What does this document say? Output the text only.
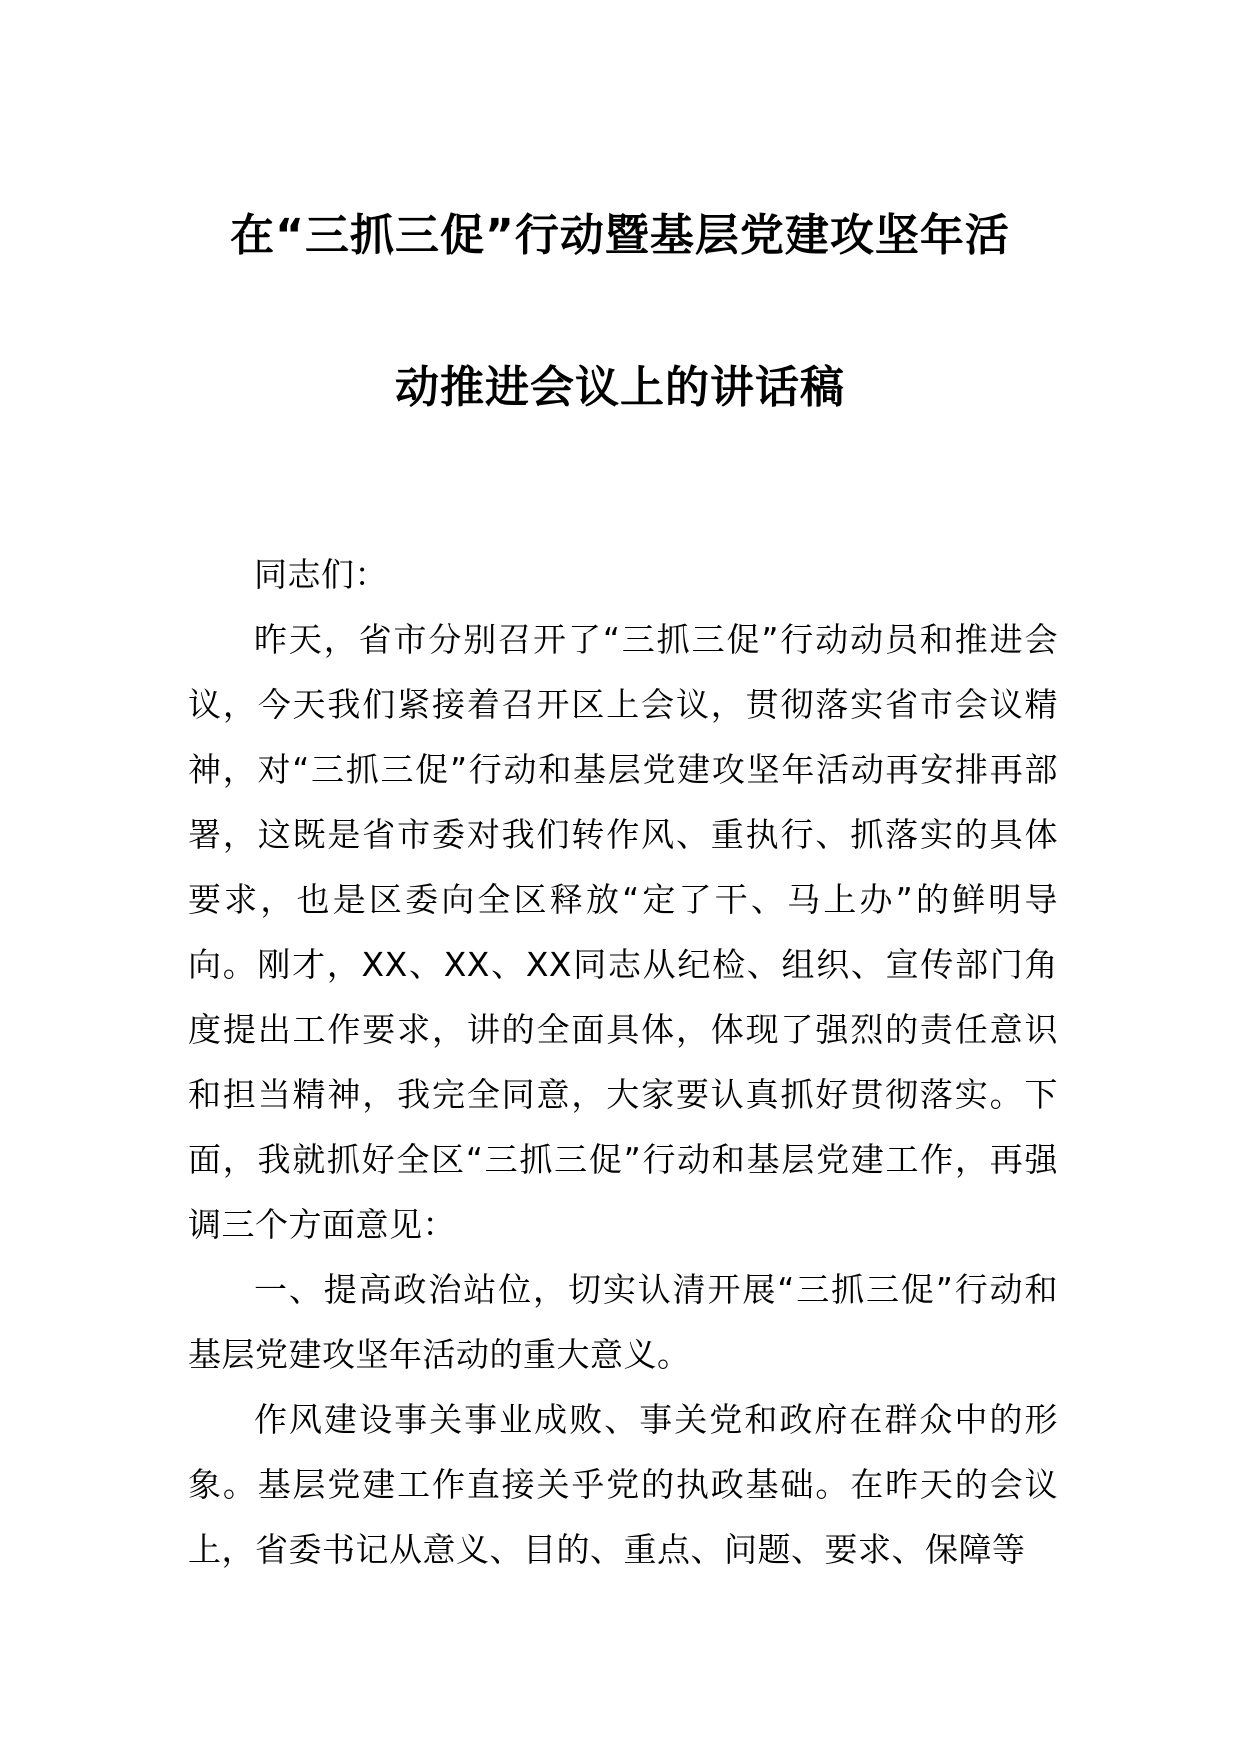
在“三抓三促”行动暨基层党建攻坚年活
动推进会议上的讲话稿

同志们：

昨天，省市分别召开了“三抓三促”行动动员和推进会议，今天我们紧接着召开区上会议，贯彻落实省市会议精神，对“三抓三促”行动和基层党建攻坚年活动再安排再部署，这既是省市委对我们转作风、重执行、抓落实的具体要求，也是区委向全区释放“定了干、马上办”的鲜明导向。刚才，XX、XX、XX同志从纪检、组织、宣传部门角度提出工作要求，讲的全面具体，体现了强烈的责任意识和担当精神，我完全同意，大家要认真抓好贯彻落实。下面，我就抓好全区“三抓三促”行动和基层党建工作，再强调三个方面意见：

一、提高政治站位，切实认清开展“三抓三促”行动和基层党建攻坚年活动的重大意义。

作风建设事关事业成败、事关党和政府在群众中的形象。基层党建工作直接关乎党的执政基础。在昨天的会议上，省委书记从意义、目的、重点、问题、要求、保障等
